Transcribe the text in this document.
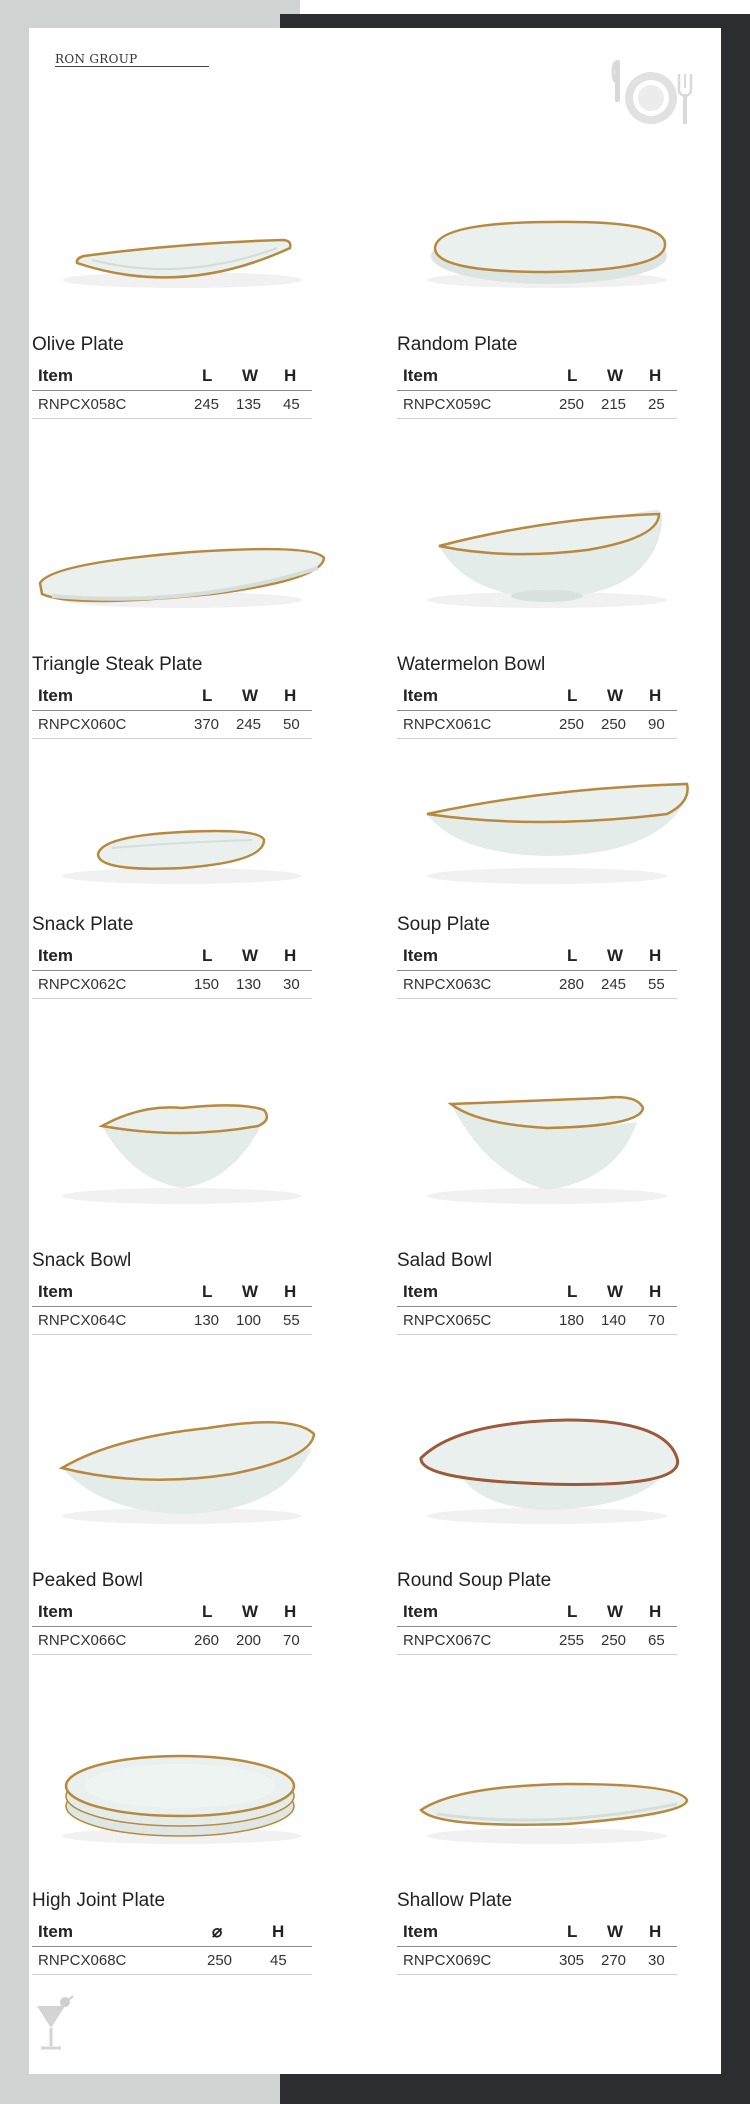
RON GROUP
Olive Plate
Item	L W H
RNPCX058C	245 135 45
Random Plate
Item	L W H
RNPCX059C	250 215 25
Triangle Steak Plate
Item	L W H
RNPCX060C	370 245 50
Watermelon Bowl
Item	L W H
RNPCX061C	250 250 90
Snack Plate
Item	L W H
RNPCX062C	150 130 30
Soup Plate
Item	L W H
RNPCX063C	280 245 55
Snack Bowl
Item	L W H
RNPCX064C	130 100 55
Salad Bowl
Item	L W H
RNPCX065C	180 140 70
Peaked Bowl
Item	L W H
RNPCX066C	260 200 70
Round Soup Plate
Item	L W H
RNPCX067C	255 250 65
High Joint Plate
Item	⌀	H
RNPCX068C	250	45
Shallow Plate
Item	L W H
RNPCX069C	305 270 30
